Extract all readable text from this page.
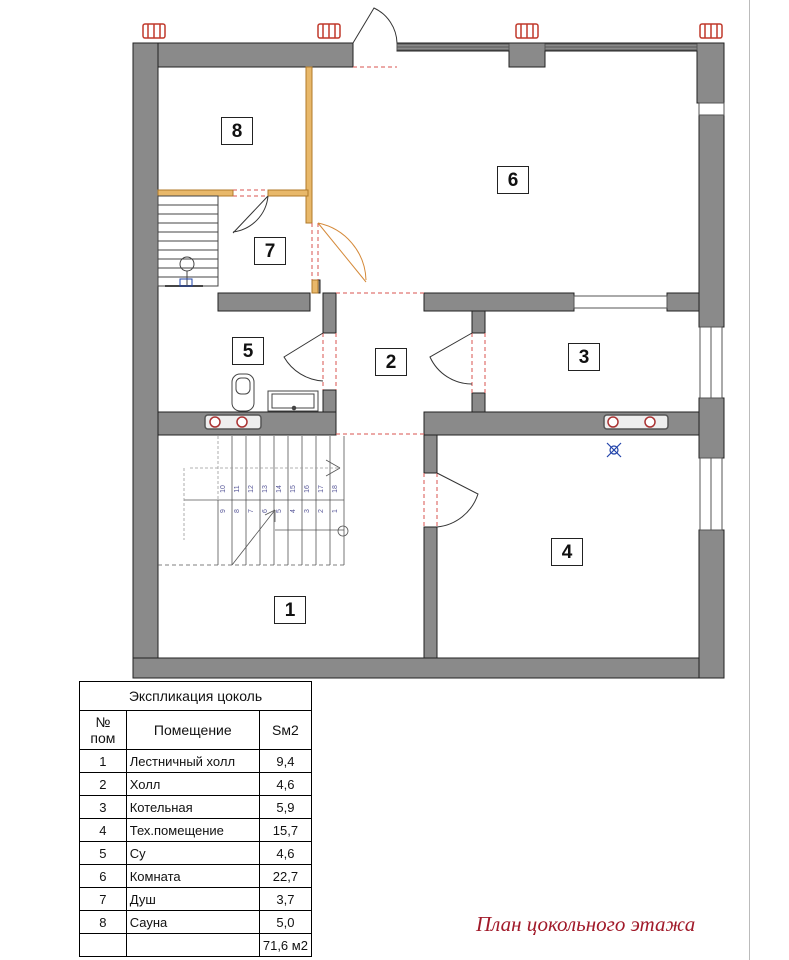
10 11 12 13 14 15 16 17 18
9 8 7 6 5 4 3 2 1
8
6
7
5
2	3
4
1
Экспликация цоколь		
№ пом	Помещение	Sм2
1	Лестничный холл	9,4
2	Холл	4,6
3	Котельная	5,9
4	Тех.помещение	15,7
5	Су	4,6
6	Комната	22,7
7	Душ	3,7
8	Сауна	5,0
		71,6 м2
План цокольного этажа
